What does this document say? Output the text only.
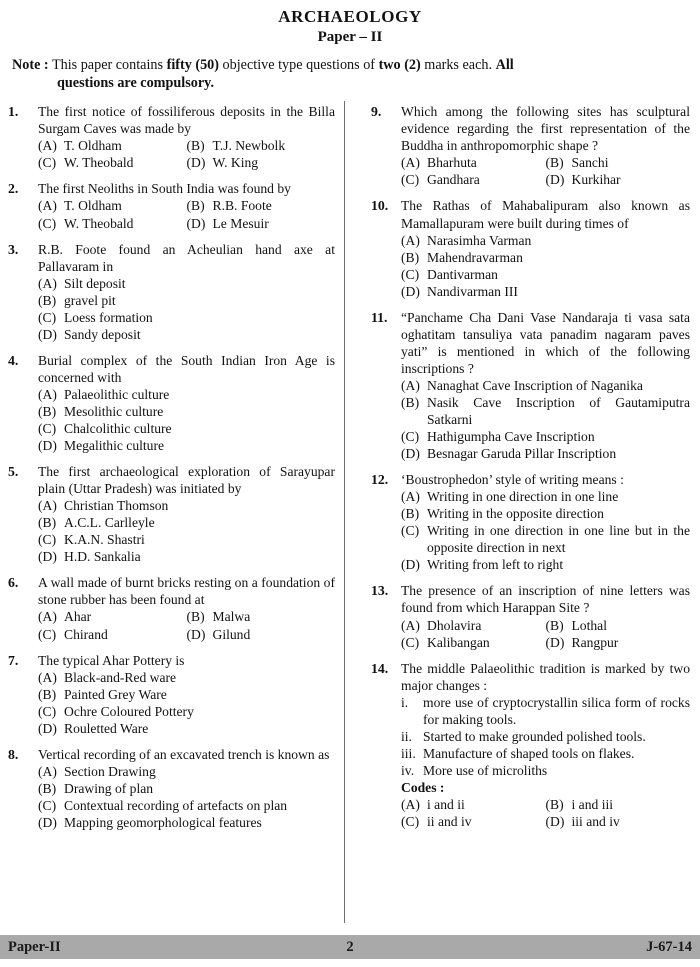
ARCHAEOLOGY
Paper – II
Note : This paper contains fifty (50) objective type questions of two (2) marks each. All
questions are compulsory.
1.	The first notice of fossiliferous deposits in the Billa Surgam Caves was made by
(A) T. Oldham	(B) T.J. Newbolk
(C) W. Theobald	(D) W. King
2.	The first Neoliths in South India was found by
(A) T. Oldham	(B) R.B. Foote
(C) W. Theobald	(D) Le Mesuir
3.	R.B. Foote found an Acheulian hand axe at Pallavaram in
(A) Silt deposit
(B) gravel pit
(C) Loess formation
(D) Sandy deposit
4.	Burial complex of the South Indian Iron Age is concerned with
(A) Palaeolithic culture
(B) Mesolithic culture
(C) Chalcolithic culture
(D) Megalithic culture
5.	The first archaeological exploration of Sarayupar plain (Uttar Pradesh) was initiated by
(A) Christian Thomson
(B) A.C.L. Carlleyle
(C) K.A.N. Shastri
(D) H.D. Sankalia
6.	A wall made of burnt bricks resting on a foundation of stone rubber has been found at
(A) Ahar	(B) Malwa
(C) Chirand	(D) Gilund
7.	The typical Ahar Pottery is
(A) Black-and-Red ware
(B) Painted Grey Ware
(C) Ochre Coloured Pottery
(D) Rouletted Ware
8.	Vertical recording of an excavated trench is known as
(A) Section Drawing
(B) Drawing of plan
(C) Contextual recording of artefacts on plan
(D) Mapping geomorphological features
9.	Which among the following sites has sculptural evidence regarding the first representation of the Buddha in anthropomorphic shape ?
(A) Bharhuta	(B) Sanchi
(C) Gandhara	(D) Kurkihar
10. The Rathas of Mahabalipuram also known as Mamallapuram were built during times of
(A) Narasimha Varman
(B) Mahendravarman
(C) Dantivarman
(D) Nandivarman III
11. “Panchame Cha Dani Vase Nandaraja ti vasa sata oghatitam tansuliya vata panadim nagaram paves yati” is mentioned in which of the following inscriptions ?
(A) Nanaghat Cave Inscription of Naganika
(B) Nasik Cave Inscription of Gautamiputra Satkarni
(C) Hathigumpha Cave Inscription
(D) Besnagar Garuda Pillar Inscription
12. ‘Boustrophedon’ style of writing means :
(A) Writing in one direction in one line
(B) Writing in the opposite direction
(C) Writing in one direction in one line but in the opposite direction in next
(D) Writing from left to right
13. The presence of an inscription of nine letters was found from which Harappan Site ?
(A) Dholavira	(B) Lothal
(C) Kalibangan	(D) Rangpur
14. The middle Palaeolithic tradition is marked by two major changes :
i.	more use of cryptocrystallin silica form of rocks for making tools.
ii. Started to make grounded polished tools.
iii. Manufacture of shaped tools on flakes.
iv. More use of microliths
Codes :
(A) i and ii	(B) i and iii
(C) ii and iv	(D) iii and iv
Paper-II	2	J-67-14
